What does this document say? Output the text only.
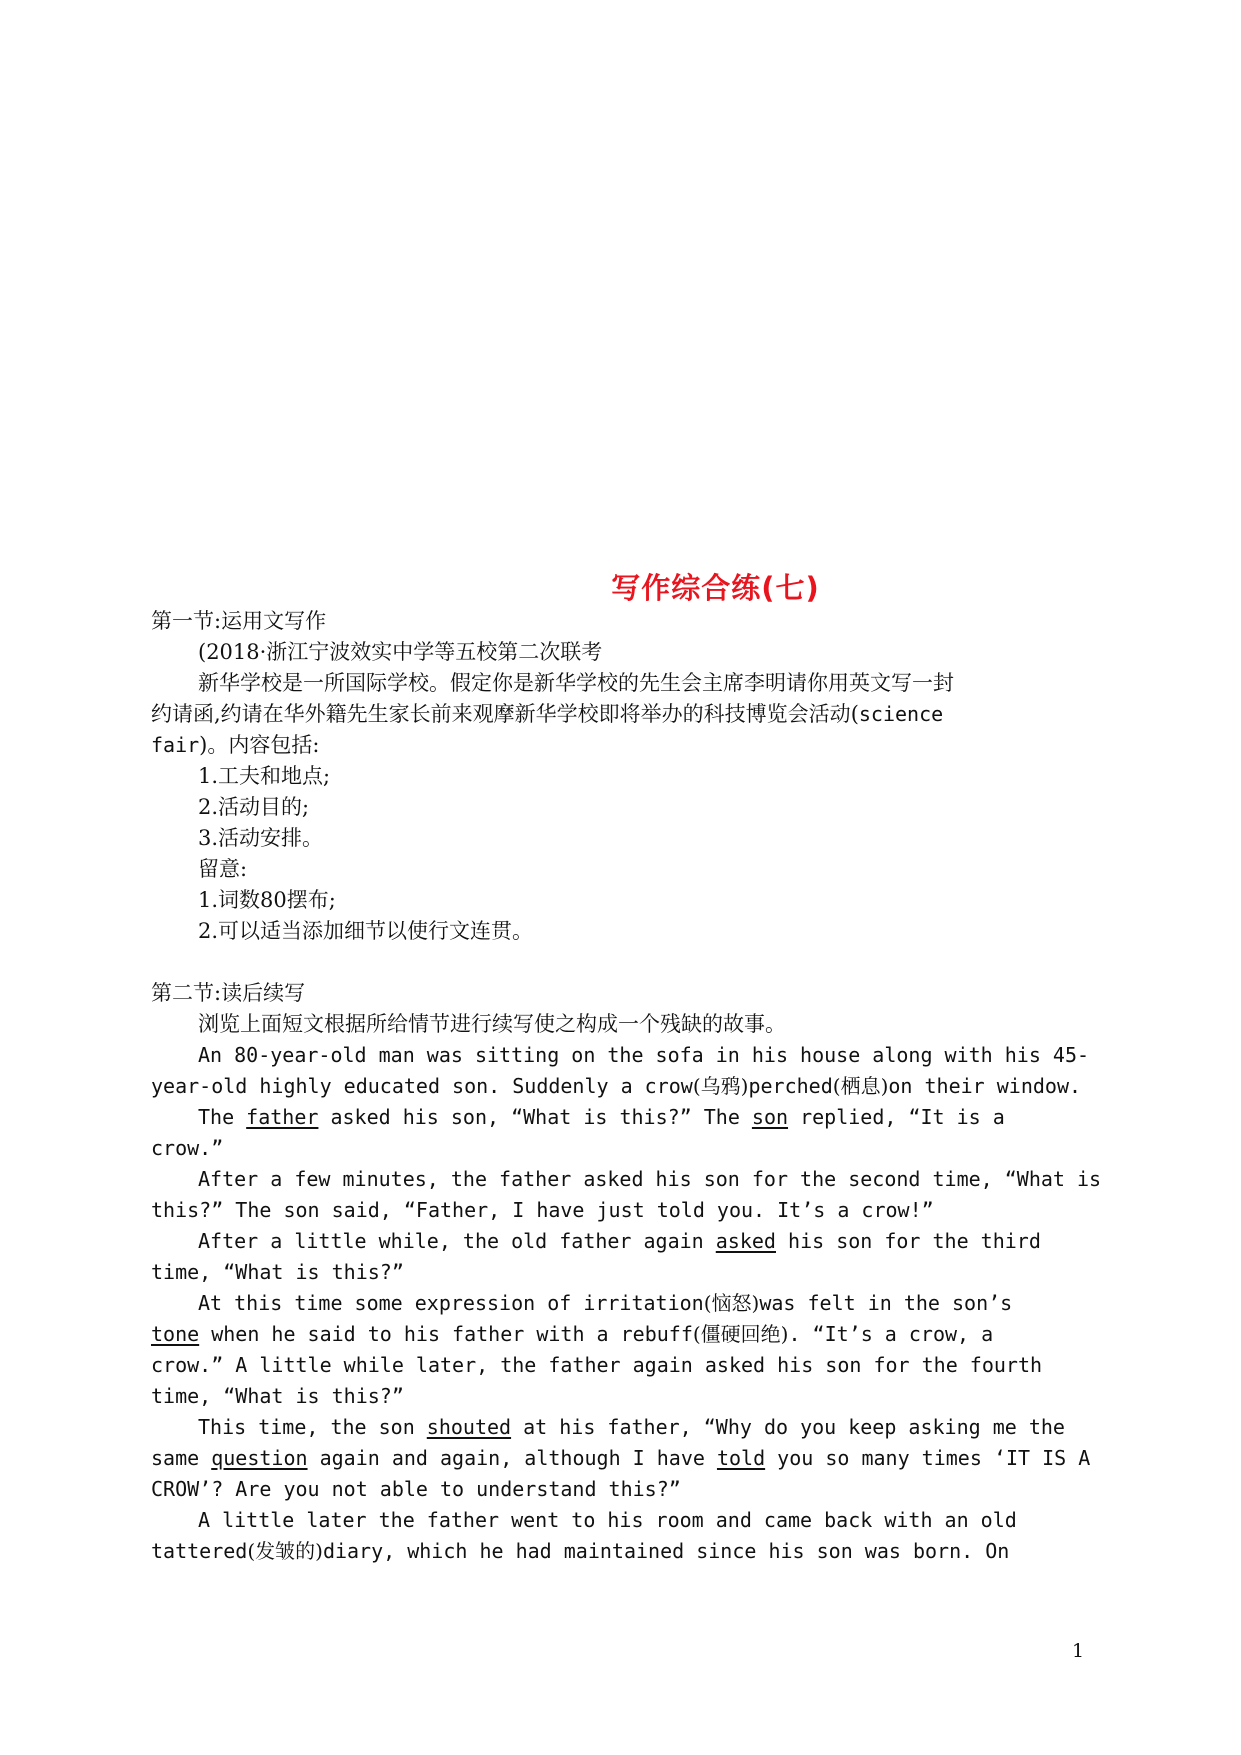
写作综合练(七)
第一节:运用文写作
(2018·浙江宁波效实中学等五校第二次联考
新华学校是一所国际学校。假定你是新华学校的先生会主席李明请你用英文写一封
约请函,约请在华外籍先生家长前来观摩新华学校即将举办的科技博览会活动(science
fair)。内容包括:
1.工夫和地点;
2.活动目的;
3.活动安排。
留意:
1.词数80摆布;
2.可以适当添加细节以使行文连贯。
第二节:读后续写
浏览上面短文根据所给情节进行续写使之构成一个残缺的故事。
An 80-year-old man was sitting on the sofa in his house along with his 45-
year-old highly educated son. Suddenly a crow(乌鸦)perched(栖息)on their window.
The father asked his son, “What is this?” The son replied, “It is a
crow.”
After a few minutes, the father asked his son for the second time, “What is
this?” The son said, “Father, I have just told you. It’s a crow!”
After a little while, the old father again asked his son for the third
time, “What is this?”
At this time some expression of irritation(恼怒)was felt in the son’s
tone when he said to his father with a rebuff(僵硬回绝). “It’s a crow, a
crow.” A little while later, the father again asked his son for the fourth
time, “What is this?”
This time, the son shouted at his father, “Why do you keep asking me the
same question again and again, although I have told you so many times ‘IT IS A
CROW’? Are you not able to understand this?”
A little later the father went to his room and came back with an old
tattered(发皱的)diary, which he had maintained since his son was born. On
1
